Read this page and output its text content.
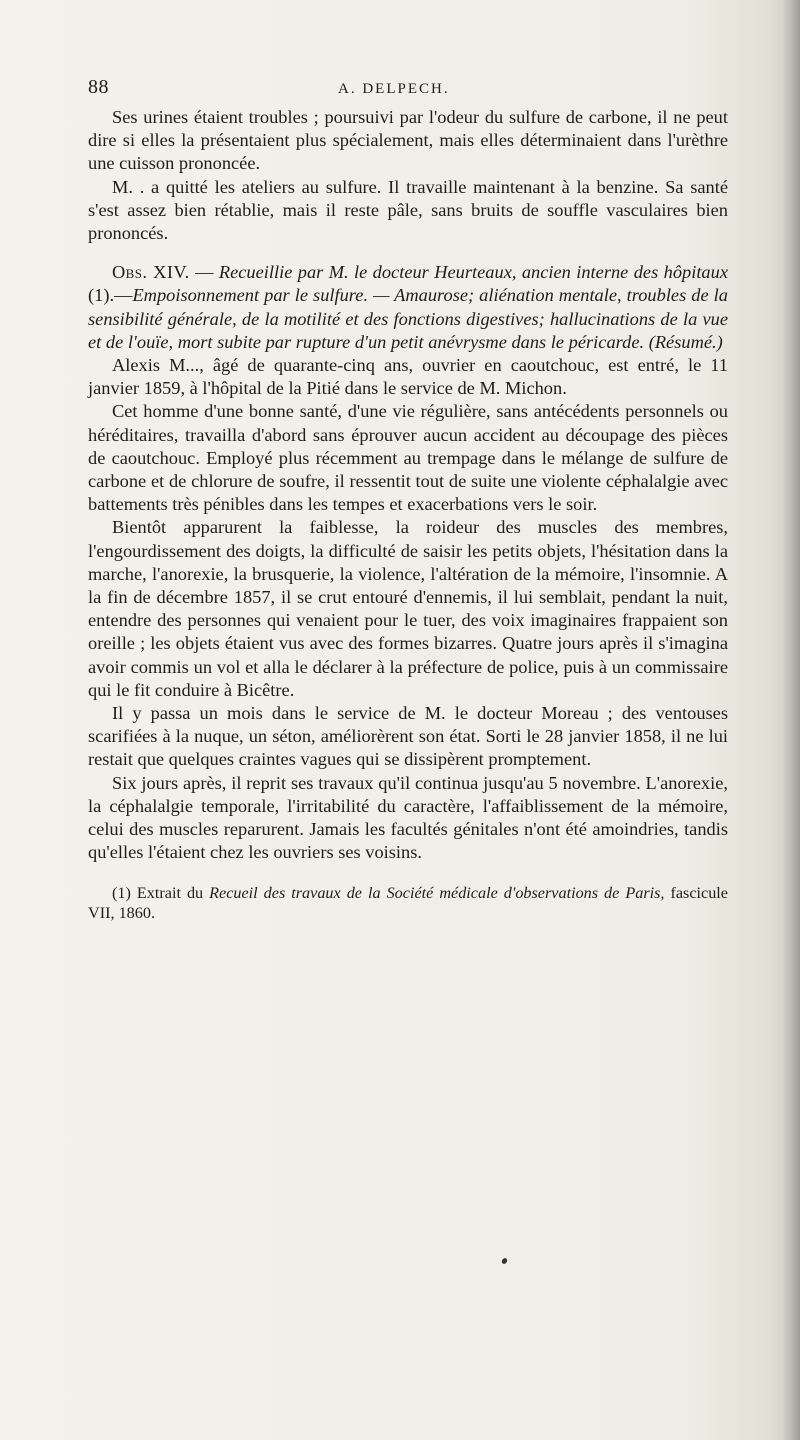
88	A. DELPECH.

Ses urines étaient troubles ; poursuivi par l'odeur du sulfure de carbone, il ne peut dire si elles la présentaient plus spécialement, mais elles déterminaient dans l'urèthre une cuisson prononcée.

M. . a quitté les ateliers au sulfure. Il travaille maintenant à la benzine. Sa santé s'est assez bien rétablie, mais il reste pâle, sans bruits de souffle vasculaires bien prononcés.

Obs. XIV. — Recueillie par M. le docteur Heurteaux, ancien interne des hôpitaux (1).—Empoisonnement par le sulfure. — Amaurose; aliénation mentale, troubles de la sensibilité générale, de la motilité et des fonctions digestives; hallucinations de la vue et de l'ouïe, mort subite par rupture d'un petit anévrysme dans le péricarde. (Résumé.)

Alexis M..., âgé de quarante-cinq ans, ouvrier en caoutchouc, est entré, le 11 janvier 1859, à l'hôpital de la Pitié dans le service de M. Michon.

Cet homme d'une bonne santé, d'une vie régulière, sans antécédents personnels ou héréditaires, travailla d'abord sans éprouver aucun accident au découpage des pièces de caoutchouc. Employé plus récemment au trempage dans le mélange de sulfure de carbone et de chlorure de soufre, il ressentit tout de suite une violente céphalalgie avec battements très pénibles dans les tempes et exacerbations vers le soir.

Bientôt apparurent la faiblesse, la roideur des muscles des membres, l'engourdissement des doigts, la difficulté de saisir les petits objets, l'hésitation dans la marche, l'anorexie, la brusquerie, la violence, l'altération de la mémoire, l'insomnie. A la fin de décembre 1857, il se crut entouré d'ennemis, il lui semblait, pendant la nuit, entendre des personnes qui venaient pour le tuer, des voix imaginaires frappaient son oreille ; les objets étaient vus avec des formes bizarres. Quatre jours après il s'imagina avoir commis un vol et alla le déclarer à la préfecture de police, puis à un commissaire qui le fit conduire à Bicêtre.

Il y passa un mois dans le service de M. le docteur Moreau ; des ventouses scarifiées à la nuque, un séton, améliorèrent son état. Sorti le 28 janvier 1858, il ne lui restait que quelques craintes vagues qui se dissipèrent promptement.

Six jours après, il reprit ses travaux qu'il continua jusqu'au 5 novembre. L'anorexie, la céphalalgie temporale, l'irritabilité du caractère, l'affaiblissement de la mémoire, celui des muscles reparurent. Jamais les facultés génitales n'ont été amoindries, tandis qu'elles l'étaient chez les ouvriers ses voisins.

(1) Extrait du Recueil des travaux de la Société médicale d'observations de Paris, fascicule VII, 1860.
